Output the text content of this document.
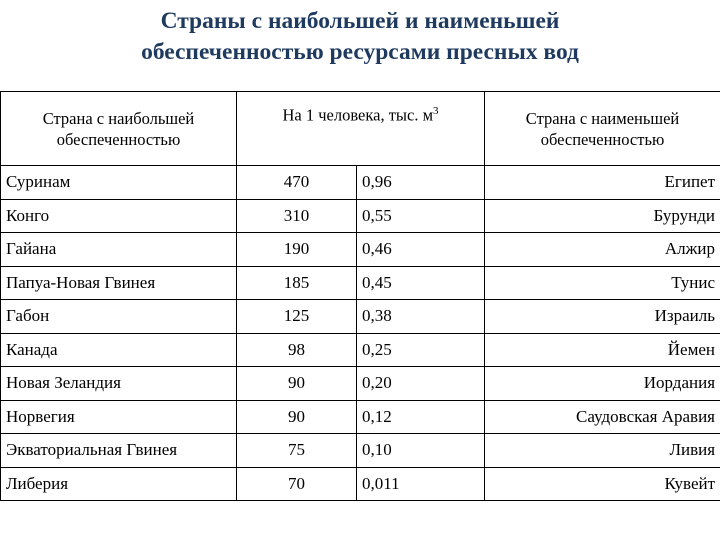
Страны с наибольшей и наименьшей
обеспеченностью ресурсами пресных вод
Страна с наибольшей обеспеченностью	На 1 человека, тыс. $м^3$		Страна с наименьшей обеспеченностью
Суринам	470	0,96	Египет
Конго	310	0,55	Бурунди
Гайана	190	0,46	Алжир
Папуа-Новая Гвинея	185	0,45	Тунис
Габон	125	0,38	Израиль
Канада	98	0,25	Йемен
Новая Зеландия	90	0,20	Иордания
Норвегия	90	0,12	Саудовская Аравия
Экваториальная Гвинея	75	0,10	Ливия
Либерия	70	0,011	Кувейт
